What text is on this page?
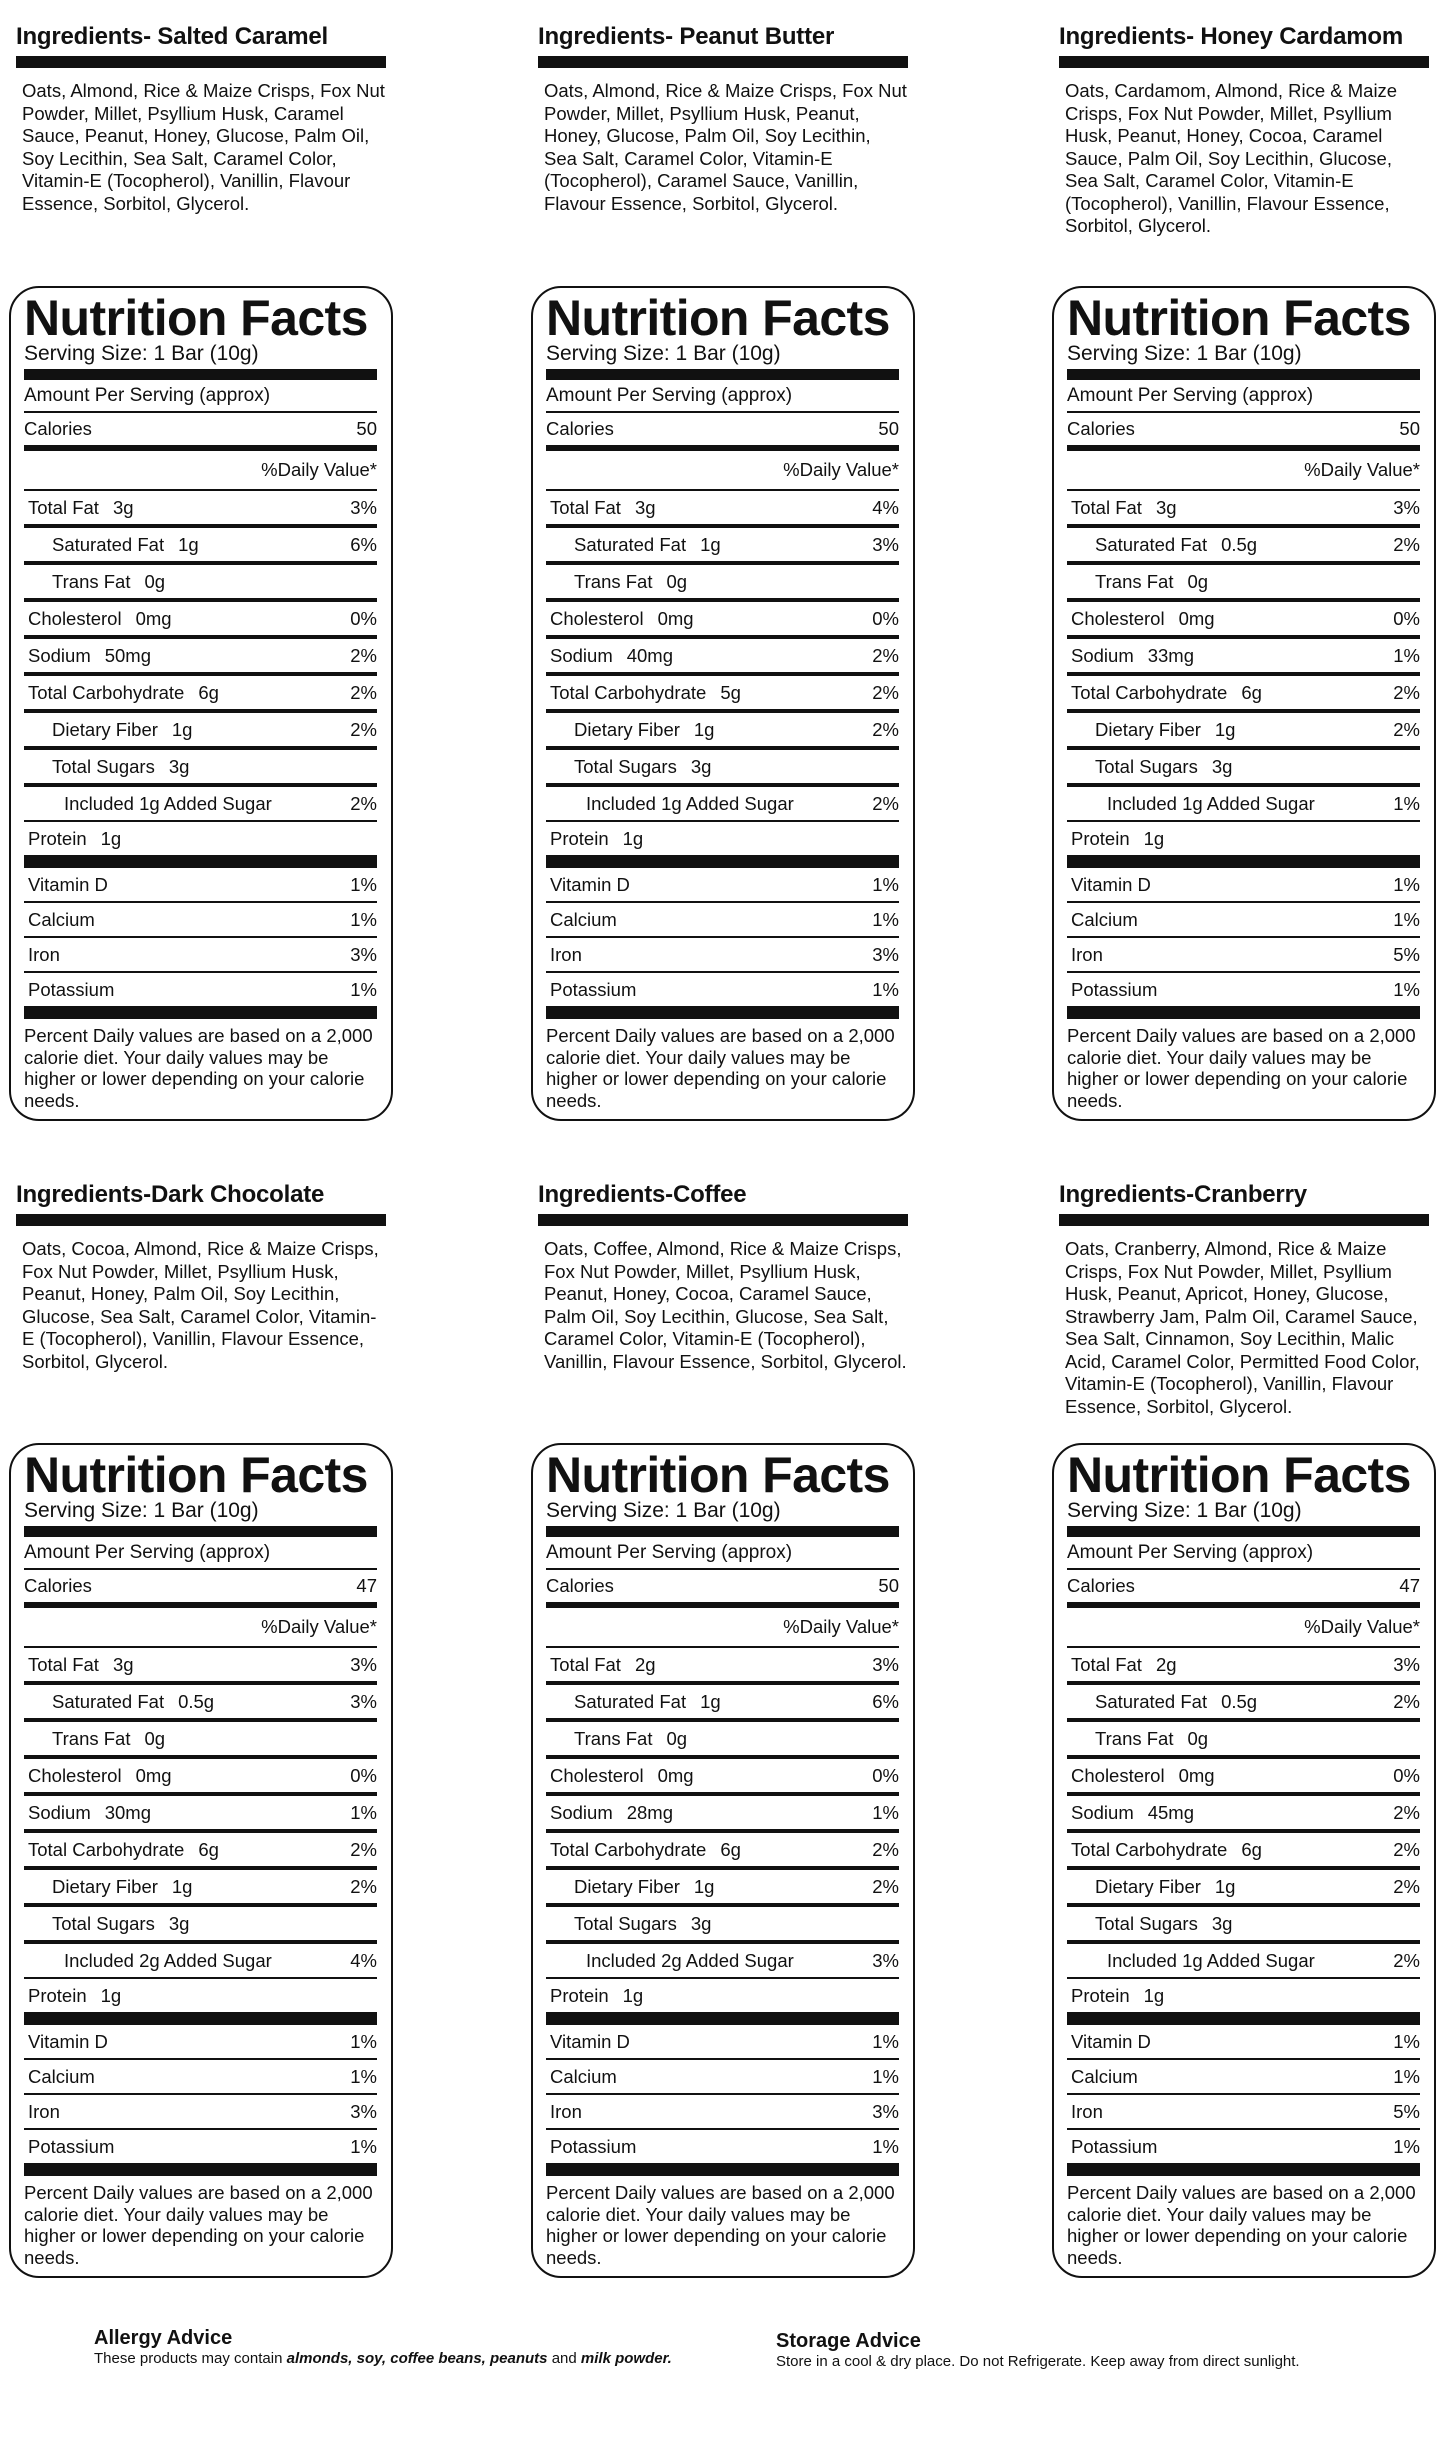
Ingredients- Salted Caramel
Oats, Almond, Rice & Maize Crisps, Fox Nut Powder, Millet, Psyllium Husk, Caramel Sauce, Peanut, Honey, Glucose, Palm Oil, Soy Lecithin, Sea Salt, Caramel Color, Vitamin-E (Tocopherol), Vanillin, Flavour Essence, Sorbitol, Glycerol.
Nutrition Facts
Serving Size: 1 Bar (10g)
Amount Per Serving (approx)
Calories	50
%Daily Value*
Total Fat 3g	3%
Saturated Fat 1g	6%
Trans Fat 0g
Cholesterol 0mg	0%
Sodium 50mg	2%
Total Carbohydrate 6g	2%
Dietary Fiber 1g	2%
Total Sugars 3g
Included 1g Added Sugar	2%
Protein 1g
Vitamin D	1%
Calcium	1%
Iron	3%
Potassium	1%
Percent Daily values are based on a 2,000 calorie diet. Your daily values may be higher or lower depending on your calorie needs.
Ingredients- Peanut Butter
Oats, Almond, Rice & Maize Crisps, Fox Nut Powder, Millet, Psyllium Husk, Peanut, Honey, Glucose, Palm Oil, Soy Lecithin, Sea Salt, Caramel Color, Vitamin-E (Tocopherol), Caramel Sauce, Vanillin, Flavour Essence, Sorbitol, Glycerol.
Nutrition Facts
Serving Size: 1 Bar (10g)
Amount Per Serving (approx)
Calories	50
%Daily Value*
Total Fat 3g	4%
Saturated Fat 1g	3%
Trans Fat 0g
Cholesterol 0mg	0%
Sodium 40mg	2%
Total Carbohydrate 5g	2%
Dietary Fiber 1g	2%
Total Sugars 3g
Included 1g Added Sugar	2%
Protein 1g
Vitamin D	1%
Calcium	1%
Iron	3%
Potassium	1%
Percent Daily values are based on a 2,000 calorie diet. Your daily values may be higher or lower depending on your calorie needs.
Ingredients- Honey Cardamom
Oats, Cardamom, Almond, Rice & Maize Crisps, Fox Nut Powder, Millet, Psyllium Husk, Peanut, Honey, Cocoa, Caramel Sauce, Palm Oil, Soy Lecithin, Glucose, Sea Salt, Caramel Color, Vitamin-E (Tocopherol), Vanillin, Flavour Essence, Sorbitol, Glycerol.
Nutrition Facts
Serving Size: 1 Bar (10g)
Amount Per Serving (approx)
Calories	50
%Daily Value*
Total Fat 3g	3%
Saturated Fat 0.5g	2%
Trans Fat 0g
Cholesterol 0mg	0%
Sodium 33mg	1%
Total Carbohydrate 6g	2%
Dietary Fiber 1g	2%
Total Sugars 3g
Included 1g Added Sugar	1%
Protein 1g
Vitamin D	1%
Calcium	1%
Iron	5%
Potassium	1%
Percent Daily values are based on a 2,000 calorie diet. Your daily values may be higher or lower depending on your calorie needs.
Ingredients-Dark Chocolate
Oats, Cocoa, Almond, Rice & Maize Crisps, Fox Nut Powder, Millet, Psyllium Husk, Peanut, Honey, Palm Oil, Soy Lecithin, Glucose, Sea Salt, Caramel Color, Vitamin-E (Tocopherol), Vanillin, Flavour Essence, Sorbitol, Glycerol.
Nutrition Facts
Serving Size: 1 Bar (10g)
Amount Per Serving (approx)
Calories	47
%Daily Value*
Total Fat 3g	3%
Saturated Fat 0.5g	3%
Trans Fat 0g
Cholesterol 0mg	0%
Sodium 30mg	1%
Total Carbohydrate 6g	2%
Dietary Fiber 1g	2%
Total Sugars 3g
Included 2g Added Sugar	4%
Protein 1g
Vitamin D	1%
Calcium	1%
Iron	3%
Potassium	1%
Percent Daily values are based on a 2,000 calorie diet. Your daily values may be higher or lower depending on your calorie needs.
Ingredients-Coffee
Oats, Coffee, Almond, Rice & Maize Crisps, Fox Nut Powder, Millet, Psyllium Husk, Peanut, Honey, Cocoa, Caramel Sauce, Palm Oil, Soy Lecithin, Glucose, Sea Salt, Caramel Color, Vitamin-E (Tocopherol), Vanillin, Flavour Essence, Sorbitol, Glycerol.
Nutrition Facts
Serving Size: 1 Bar (10g)
Amount Per Serving (approx)
Calories	50
%Daily Value*
Total Fat 2g	3%
Saturated Fat 1g	6%
Trans Fat 0g
Cholesterol 0mg	0%
Sodium 28mg	1%
Total Carbohydrate 6g	2%
Dietary Fiber 1g	2%
Total Sugars 3g
Included 2g Added Sugar	3%
Protein 1g
Vitamin D	1%
Calcium	1%
Iron	3%
Potassium	1%
Percent Daily values are based on a 2,000 calorie diet. Your daily values may be higher or lower depending on your calorie needs.
Ingredients-Cranberry
Oats, Cranberry, Almond, Rice & Maize Crisps, Fox Nut Powder, Millet, Psyllium Husk, Peanut, Apricot, Honey, Glucose, Strawberry Jam, Palm Oil, Caramel Sauce, Sea Salt, Cinnamon, Soy Lecithin, Malic Acid, Caramel Color, Permitted Food Color, Vitamin-E (Tocopherol), Vanillin, Flavour Essence, Sorbitol, Glycerol.
Nutrition Facts
Serving Size: 1 Bar (10g)
Amount Per Serving (approx)
Calories	47
%Daily Value*
Total Fat 2g	3%
Saturated Fat 0.5g	2%
Trans Fat 0g
Cholesterol 0mg	0%
Sodium 45mg	2%
Total Carbohydrate 6g	2%
Dietary Fiber 1g	2%
Total Sugars 3g
Included 1g Added Sugar	2%
Protein 1g
Vitamin D	1%
Calcium	1%
Iron	5%
Potassium	1%
Percent Daily values are based on a 2,000 calorie diet. Your daily values may be higher or lower depending on your calorie needs.
Allergy Advice
These products may contain almonds, soy, coffee beans, peanuts and milk powder.
Storage Advice
Store in a cool & dry place. Do not Refrigerate. Keep away from direct sunlight.
